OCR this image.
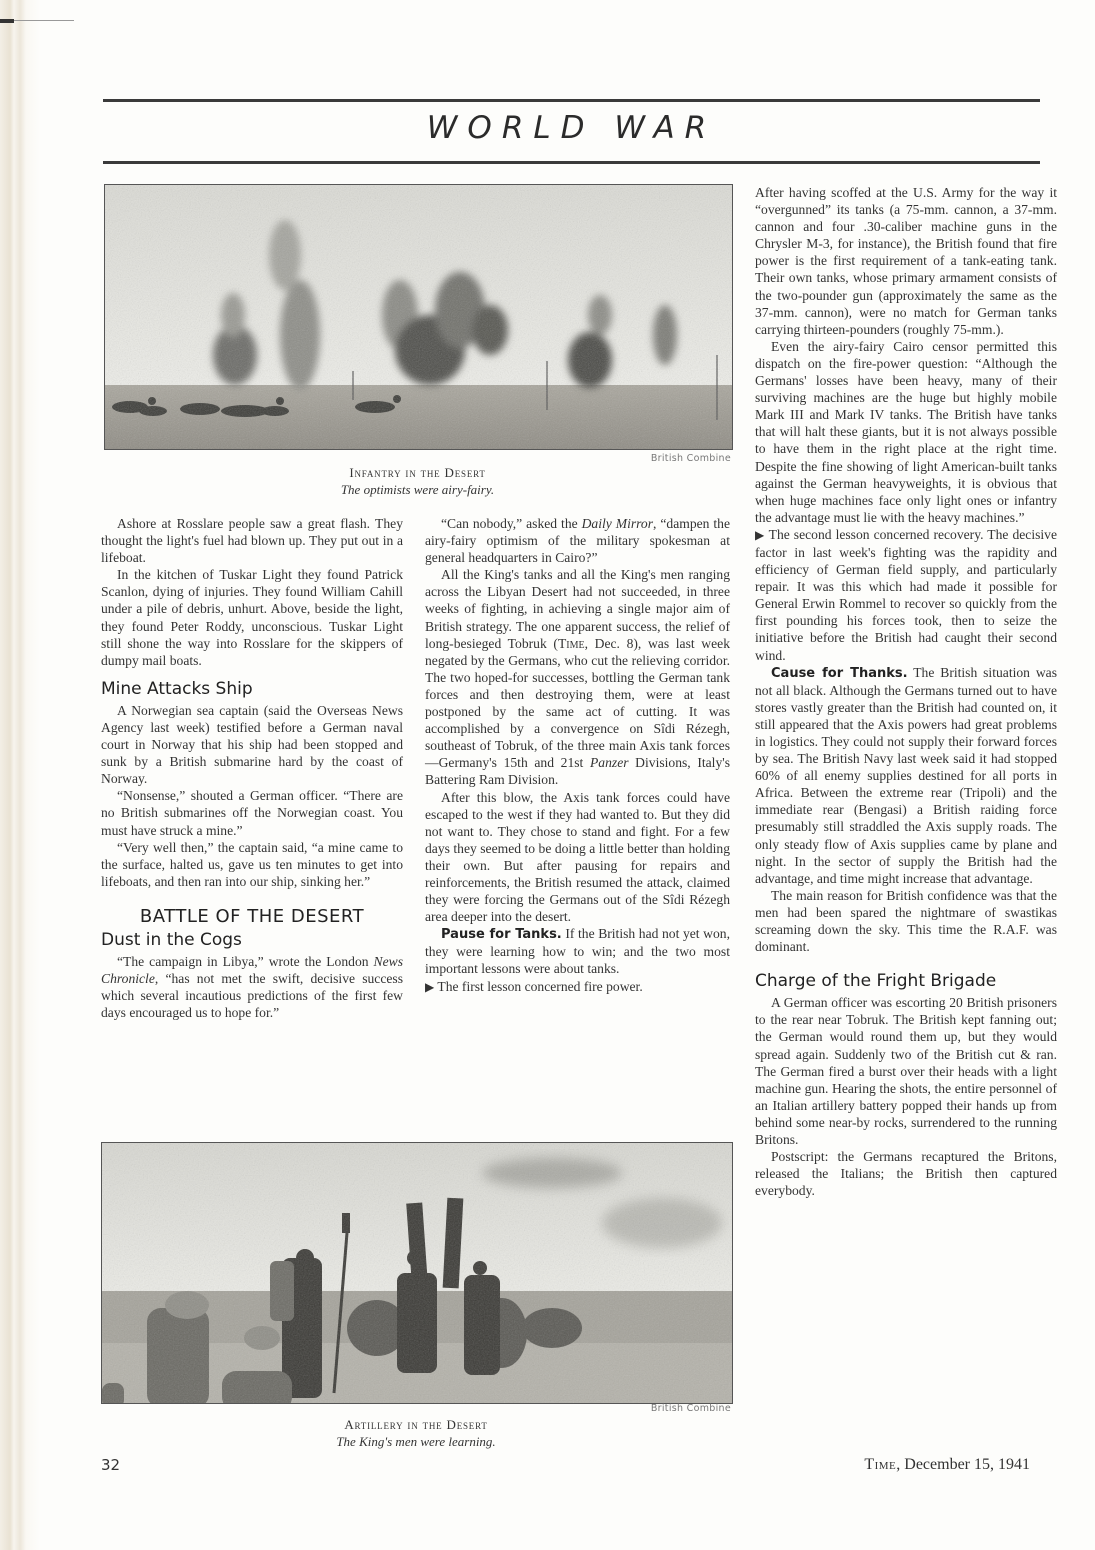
WORLD WAR
British Combine
Infantry in the Desert
The optimists were airy-fairy.

Ashore at Rosslare people saw a great flash. They thought the light's fuel had blown up. They put out in a lifeboat.

In the kitchen of Tuskar Light they found Patrick Scanlon, dying of injuries. They found William Cahill under a pile of debris, unhurt. Above, beside the light, they found Peter Roddy, unconscious. Tuskar Light still shone the way into Rosslare for the skippers of dumpy mail boats.

Mine Attacks Ship

A Norwegian sea captain (said the Overseas News Agency last week) testified before a German naval court in Norway that his ship had been stopped and sunk by a British submarine hard by the coast of Norway.

“Nonsense,” shouted a German officer. “There are no British submarines off the Norwegian coast. You must have struck a mine.”

“Very well then,” the captain said, “a mine came to the surface, halted us, gave us ten minutes to get into lifeboats, and then ran into our ship, sinking her.”

BATTLE OF THE DESERT
Dust in the Cogs

“The campaign in Libya,” wrote the London News Chronicle, “has not met the swift, decisive success which several incautious predictions of the first few days encouraged us to hope for.”

“Can nobody,” asked the Daily Mirror, “dampen the airy-fairy optimism of the military spokesman at general headquarters in Cairo?”

All the King's tanks and all the King's men ranging across the Libyan Desert had not succeeded, in three weeks of fighting, in achieving a single major aim of British strategy. The one apparent success, the relief of long-besieged Tobruk (Time, Dec. 8), was last week negated by the Germans, who cut the relieving corridor. The two hoped-for successes, bottling the German tank forces and then destroying them, were at least postponed by the same act of cutting. It was accomplished by a convergence on Sîdi Rézegh, southeast of Tobruk, of the three main Axis tank forces—Germany's 15th and 21st Panzer Divisions, Italy's Battering Ram Division.

After this blow, the Axis tank forces could have escaped to the west if they had wanted to. But they did not want to. They chose to stand and fight. For a few days they seemed to be doing a little better than holding their own. But after pausing for repairs and reinforcements, the British resumed the attack, claimed they were forcing the Germans out of the Sîdi Rézegh area deeper into the desert.

Pause for Tanks. If the British had not yet won, they were learning how to win; and the two most important lessons were about tanks.

▶ The first lesson concerned fire power.

After having scoffed at the U.S. Army for the way it “overgunned” its tanks (a 75-mm. cannon, a 37-mm. cannon and four .30-caliber machine guns in the Chrysler M-3, for instance), the British found that fire power is the first requirement of a tank-eating tank. Their own tanks, whose primary armament consists of the two-pounder gun (approximately the same as the 37-mm. cannon), were no match for German tanks carrying thirteen-pounders (roughly 75-mm.).

Even the airy-fairy Cairo censor permitted this dispatch on the fire-power question: “Although the Germans' losses have been heavy, many of their surviving machines are the huge but highly mobile Mark III and Mark IV tanks. The British have tanks that will halt these giants, but it is not always possible to have them in the right place at the right time. Despite the fine showing of light American-built tanks against the German heavyweights, it is obvious that when huge machines face only light ones or infantry the advantage must lie with the heavy machines.”

▶ The second lesson concerned recovery. The decisive factor in last week's fighting was the rapidity and efficiency of German field supply, and particularly repair. It was this which had made it possible for General Erwin Rommel to recover so quickly from the first pounding his forces took, then to seize the initiative before the British had caught their second wind.

Cause for Thanks. The British situation was not all black. Although the Germans turned out to have stores vastly greater than the British had counted on, it still appeared that the Axis powers had great problems in logistics. They could not supply their forward forces by sea. The British Navy last week said it had stopped 60% of all enemy supplies destined for all ports in Africa. Between the extreme rear (Tripoli) and the immediate rear (Bengasi) a British raiding force presumably still straddled the Axis supply roads. The only steady flow of Axis supplies came by plane and night. In the sector of supply the British had the advantage, and time might increase that advantage.

The main reason for British confidence was that the men had been spared the nightmare of swastikas screaming down the sky. This time the R.A.F. was dominant.

Charge of the Fright Brigade

A German officer was escorting 20 British prisoners to the rear near Tobruk. The British kept fanning out; the German would round them up, but they would spread again. Suddenly two of the British cut & ran. The German fired a burst over their heads with a light machine gun. Hearing the shots, the entire personnel of an Italian artillery battery popped their hands up from behind some near-by rocks, surrendered to the running Britons.

Postscript: the Germans recaptured the Britons, released the Italians; the British then captured everybody.

British Combine
Artillery in the Desert
The King's men were learning.
32	Time, December 15, 1941
